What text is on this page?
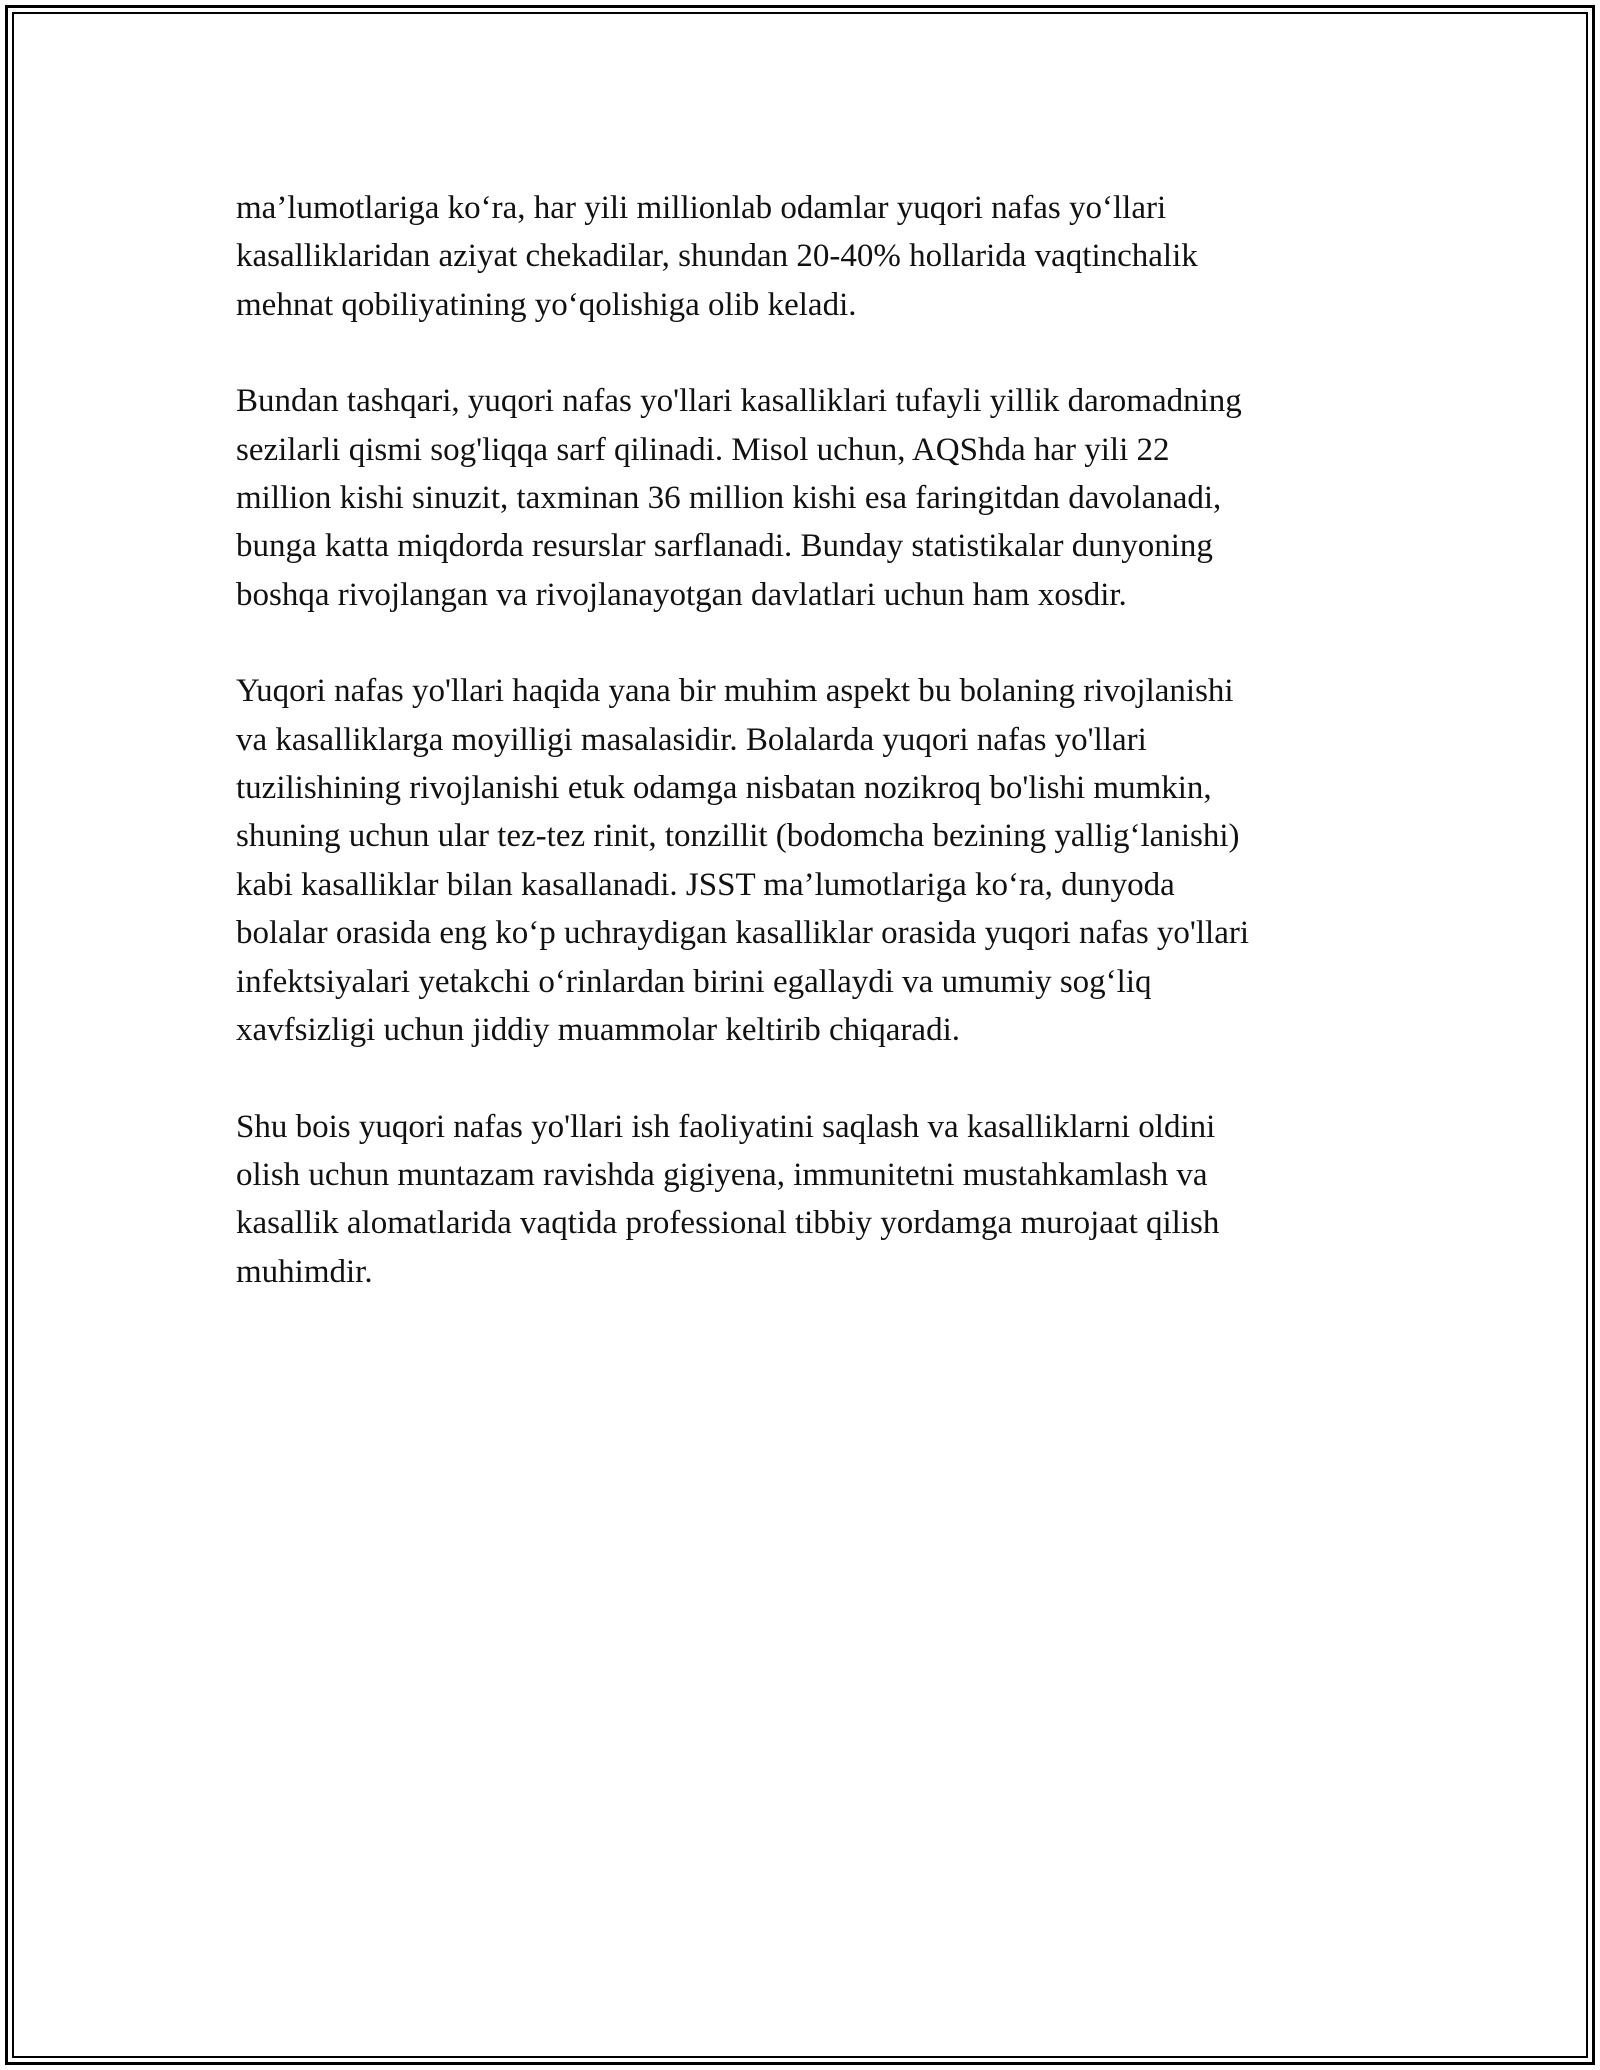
ma’lumotlariga ko‘ra, har yili millionlab odamlar yuqori nafas yo‘llari
kasalliklaridan aziyat chekadilar, shundan 20-40% hollarida vaqtinchalik
mehnat qobiliyatining yo‘qolishiga olib keladi.

Bundan tashqari, yuqori nafas yo'llari kasalliklari tufayli yillik daromadning
sezilarli qismi sog'liqqa sarf qilinadi. Misol uchun, AQShda har yili 22
million kishi sinuzit, taxminan 36 million kishi esa faringitdan davolanadi,
bunga katta miqdorda resurslar sarflanadi. Bunday statistikalar dunyoning
boshqa rivojlangan va rivojlanayotgan davlatlari uchun ham xosdir.

Yuqori nafas yo'llari haqida yana bir muhim aspekt bu bolaning rivojlanishi
va kasalliklarga moyilligi masalasidir. Bolalarda yuqori nafas yo'llari
tuzilishining rivojlanishi etuk odamga nisbatan nozikroq bo'lishi mumkin,
shuning uchun ular tez-tez rinit, tonzillit (bodomcha bezining yallig‘lanishi)
kabi kasalliklar bilan kasallanadi. JSST ma’lumotlariga ko‘ra, dunyoda
bolalar orasida eng ko‘p uchraydigan kasalliklar orasida yuqori nafas yo'llari
infektsiyalari yetakchi o‘rinlardan birini egallaydi va umumiy sog‘liq
xavfsizligi uchun jiddiy muammolar keltirib chiqaradi.

Shu bois yuqori nafas yo'llari ish faoliyatini saqlash va kasalliklarni oldini
olish uchun muntazam ravishda gigiyena, immunitetni mustahkamlash va
kasallik alomatlarida vaqtida professional tibbiy yordamga murojaat qilish
muhimdir.
